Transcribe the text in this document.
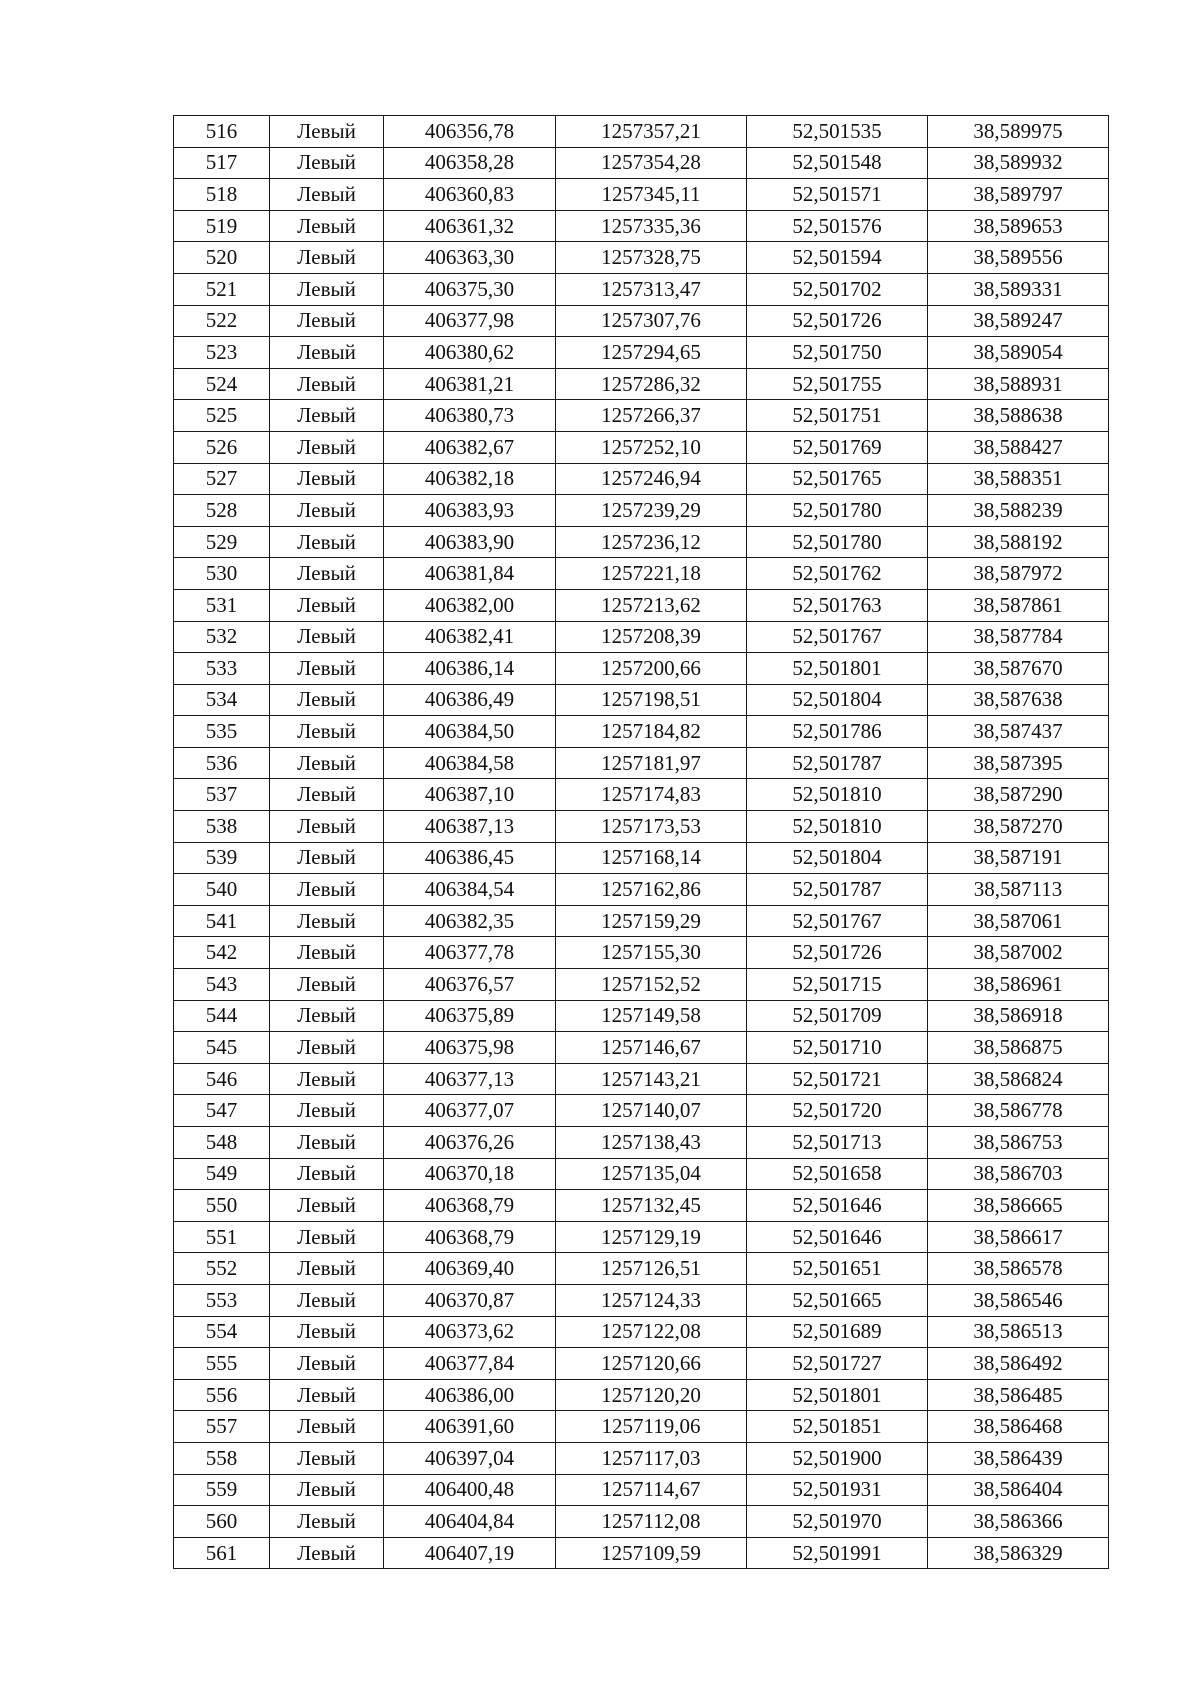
516	Левый	406356,78	1257357,21	52,501535	38,589975
517	Левый	406358,28	1257354,28	52,501548	38,589932
518	Левый	406360,83	1257345,11	52,501571	38,589797
519	Левый	406361,32	1257335,36	52,501576	38,589653
520	Левый	406363,30	1257328,75	52,501594	38,589556
521	Левый	406375,30	1257313,47	52,501702	38,589331
522	Левый	406377,98	1257307,76	52,501726	38,589247
523	Левый	406380,62	1257294,65	52,501750	38,589054
524	Левый	406381,21	1257286,32	52,501755	38,588931
525	Левый	406380,73	1257266,37	52,501751	38,588638
526	Левый	406382,67	1257252,10	52,501769	38,588427
527	Левый	406382,18	1257246,94	52,501765	38,588351
528	Левый	406383,93	1257239,29	52,501780	38,588239
529	Левый	406383,90	1257236,12	52,501780	38,588192
530	Левый	406381,84	1257221,18	52,501762	38,587972
531	Левый	406382,00	1257213,62	52,501763	38,587861
532	Левый	406382,41	1257208,39	52,501767	38,587784
533	Левый	406386,14	1257200,66	52,501801	38,587670
534	Левый	406386,49	1257198,51	52,501804	38,587638
535	Левый	406384,50	1257184,82	52,501786	38,587437
536	Левый	406384,58	1257181,97	52,501787	38,587395
537	Левый	406387,10	1257174,83	52,501810	38,587290
538	Левый	406387,13	1257173,53	52,501810	38,587270
539	Левый	406386,45	1257168,14	52,501804	38,587191
540	Левый	406384,54	1257162,86	52,501787	38,587113
541	Левый	406382,35	1257159,29	52,501767	38,587061
542	Левый	406377,78	1257155,30	52,501726	38,587002
543	Левый	406376,57	1257152,52	52,501715	38,586961
544	Левый	406375,89	1257149,58	52,501709	38,586918
545	Левый	406375,98	1257146,67	52,501710	38,586875
546	Левый	406377,13	1257143,21	52,501721	38,586824
547	Левый	406377,07	1257140,07	52,501720	38,586778
548	Левый	406376,26	1257138,43	52,501713	38,586753
549	Левый	406370,18	1257135,04	52,501658	38,586703
550	Левый	406368,79	1257132,45	52,501646	38,586665
551	Левый	406368,79	1257129,19	52,501646	38,586617
552	Левый	406369,40	1257126,51	52,501651	38,586578
553	Левый	406370,87	1257124,33	52,501665	38,586546
554	Левый	406373,62	1257122,08	52,501689	38,586513
555	Левый	406377,84	1257120,66	52,501727	38,586492
556	Левый	406386,00	1257120,20	52,501801	38,586485
557	Левый	406391,60	1257119,06	52,501851	38,586468
558	Левый	406397,04	1257117,03	52,501900	38,586439
559	Левый	406400,48	1257114,67	52,501931	38,586404
560	Левый	406404,84	1257112,08	52,501970	38,586366
561	Левый	406407,19	1257109,59	52,501991	38,586329
